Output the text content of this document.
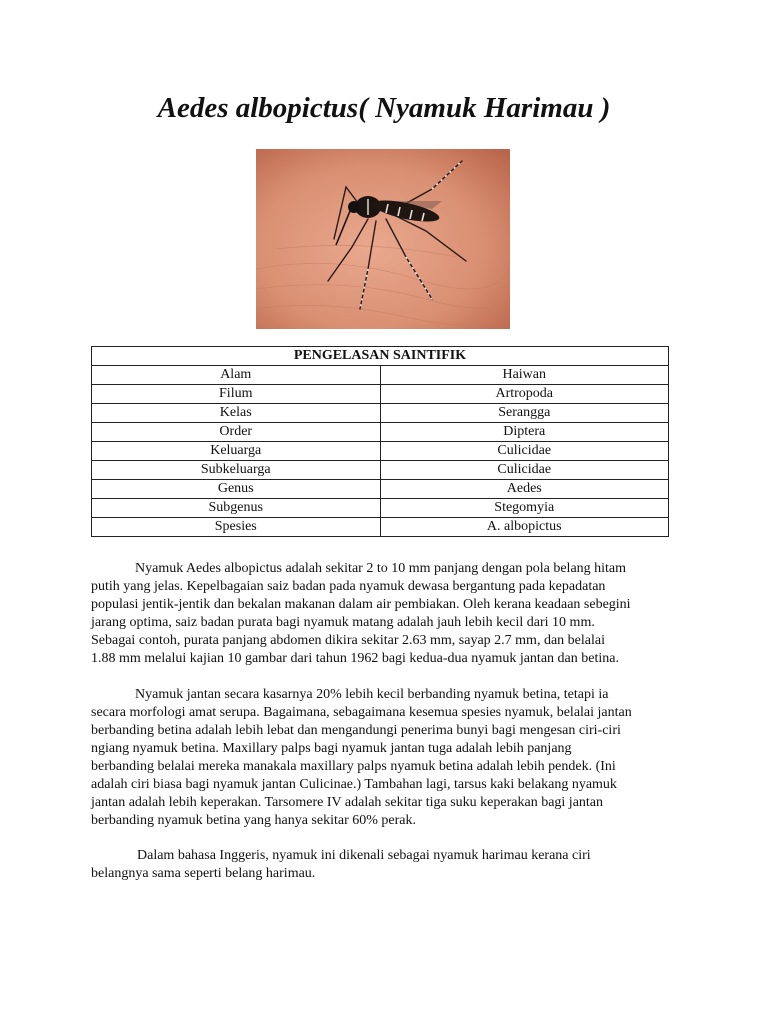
Aedes albopictus( Nyamuk Harimau )
PENGELASAN SAINTIFIK	
Alam	Haiwan
Filum	Artropoda
Kelas	Serangga
Order	Diptera
Keluarga	Culicidae
Subkeluarga	Culicidae
Genus	Aedes
Subgenus	Stegomyia
Spesies	A. albopictus
Nyamuk Aedes albopictus adalah sekitar 2 to 10 mm panjang dengan pola belang hitam
putih yang jelas. Kepelbagaian saiz badan pada nyamuk dewasa bergantung pada kepadatan
populasi jentik-jentik dan bekalan makanan dalam air pembiakan. Oleh kerana keadaan sebegini
jarang optima, saiz badan purata bagi nyamuk matang adalah jauh lebih kecil dari 10 mm.
Sebagai contoh, purata panjang abdomen dikira sekitar 2.63 mm, sayap 2.7 mm, dan belalai
1.88 mm melalui kajian 10 gambar dari tahun 1962 bagi kedua-dua nyamuk jantan dan betina.
Nyamuk jantan secara kasarnya 20% lebih kecil berbanding nyamuk betina, tetapi ia
secara morfologi amat serupa. Bagaimana, sebagaimana kesemua spesies nyamuk, belalai jantan
berbanding betina adalah lebih lebat dan mengandungi penerima bunyi bagi mengesan ciri-ciri
ngiang nyamuk betina. Maxillary palps bagi nyamuk jantan tuga adalah lebih panjang
berbanding belalai mereka manakala maxillary palps nyamuk betina adalah lebih pendek. (Ini
adalah ciri biasa bagi nyamuk jantan Culicinae.) Tambahan lagi, tarsus kaki belakang nyamuk
jantan adalah lebih keperakan. Tarsomere IV adalah sekitar tiga suku keperakan bagi jantan
berbanding nyamuk betina yang hanya sekitar 60% perak.
Dalam bahasa Inggeris, nyamuk ini dikenali sebagai nyamuk harimau kerana ciri
belangnya sama seperti belang harimau.
